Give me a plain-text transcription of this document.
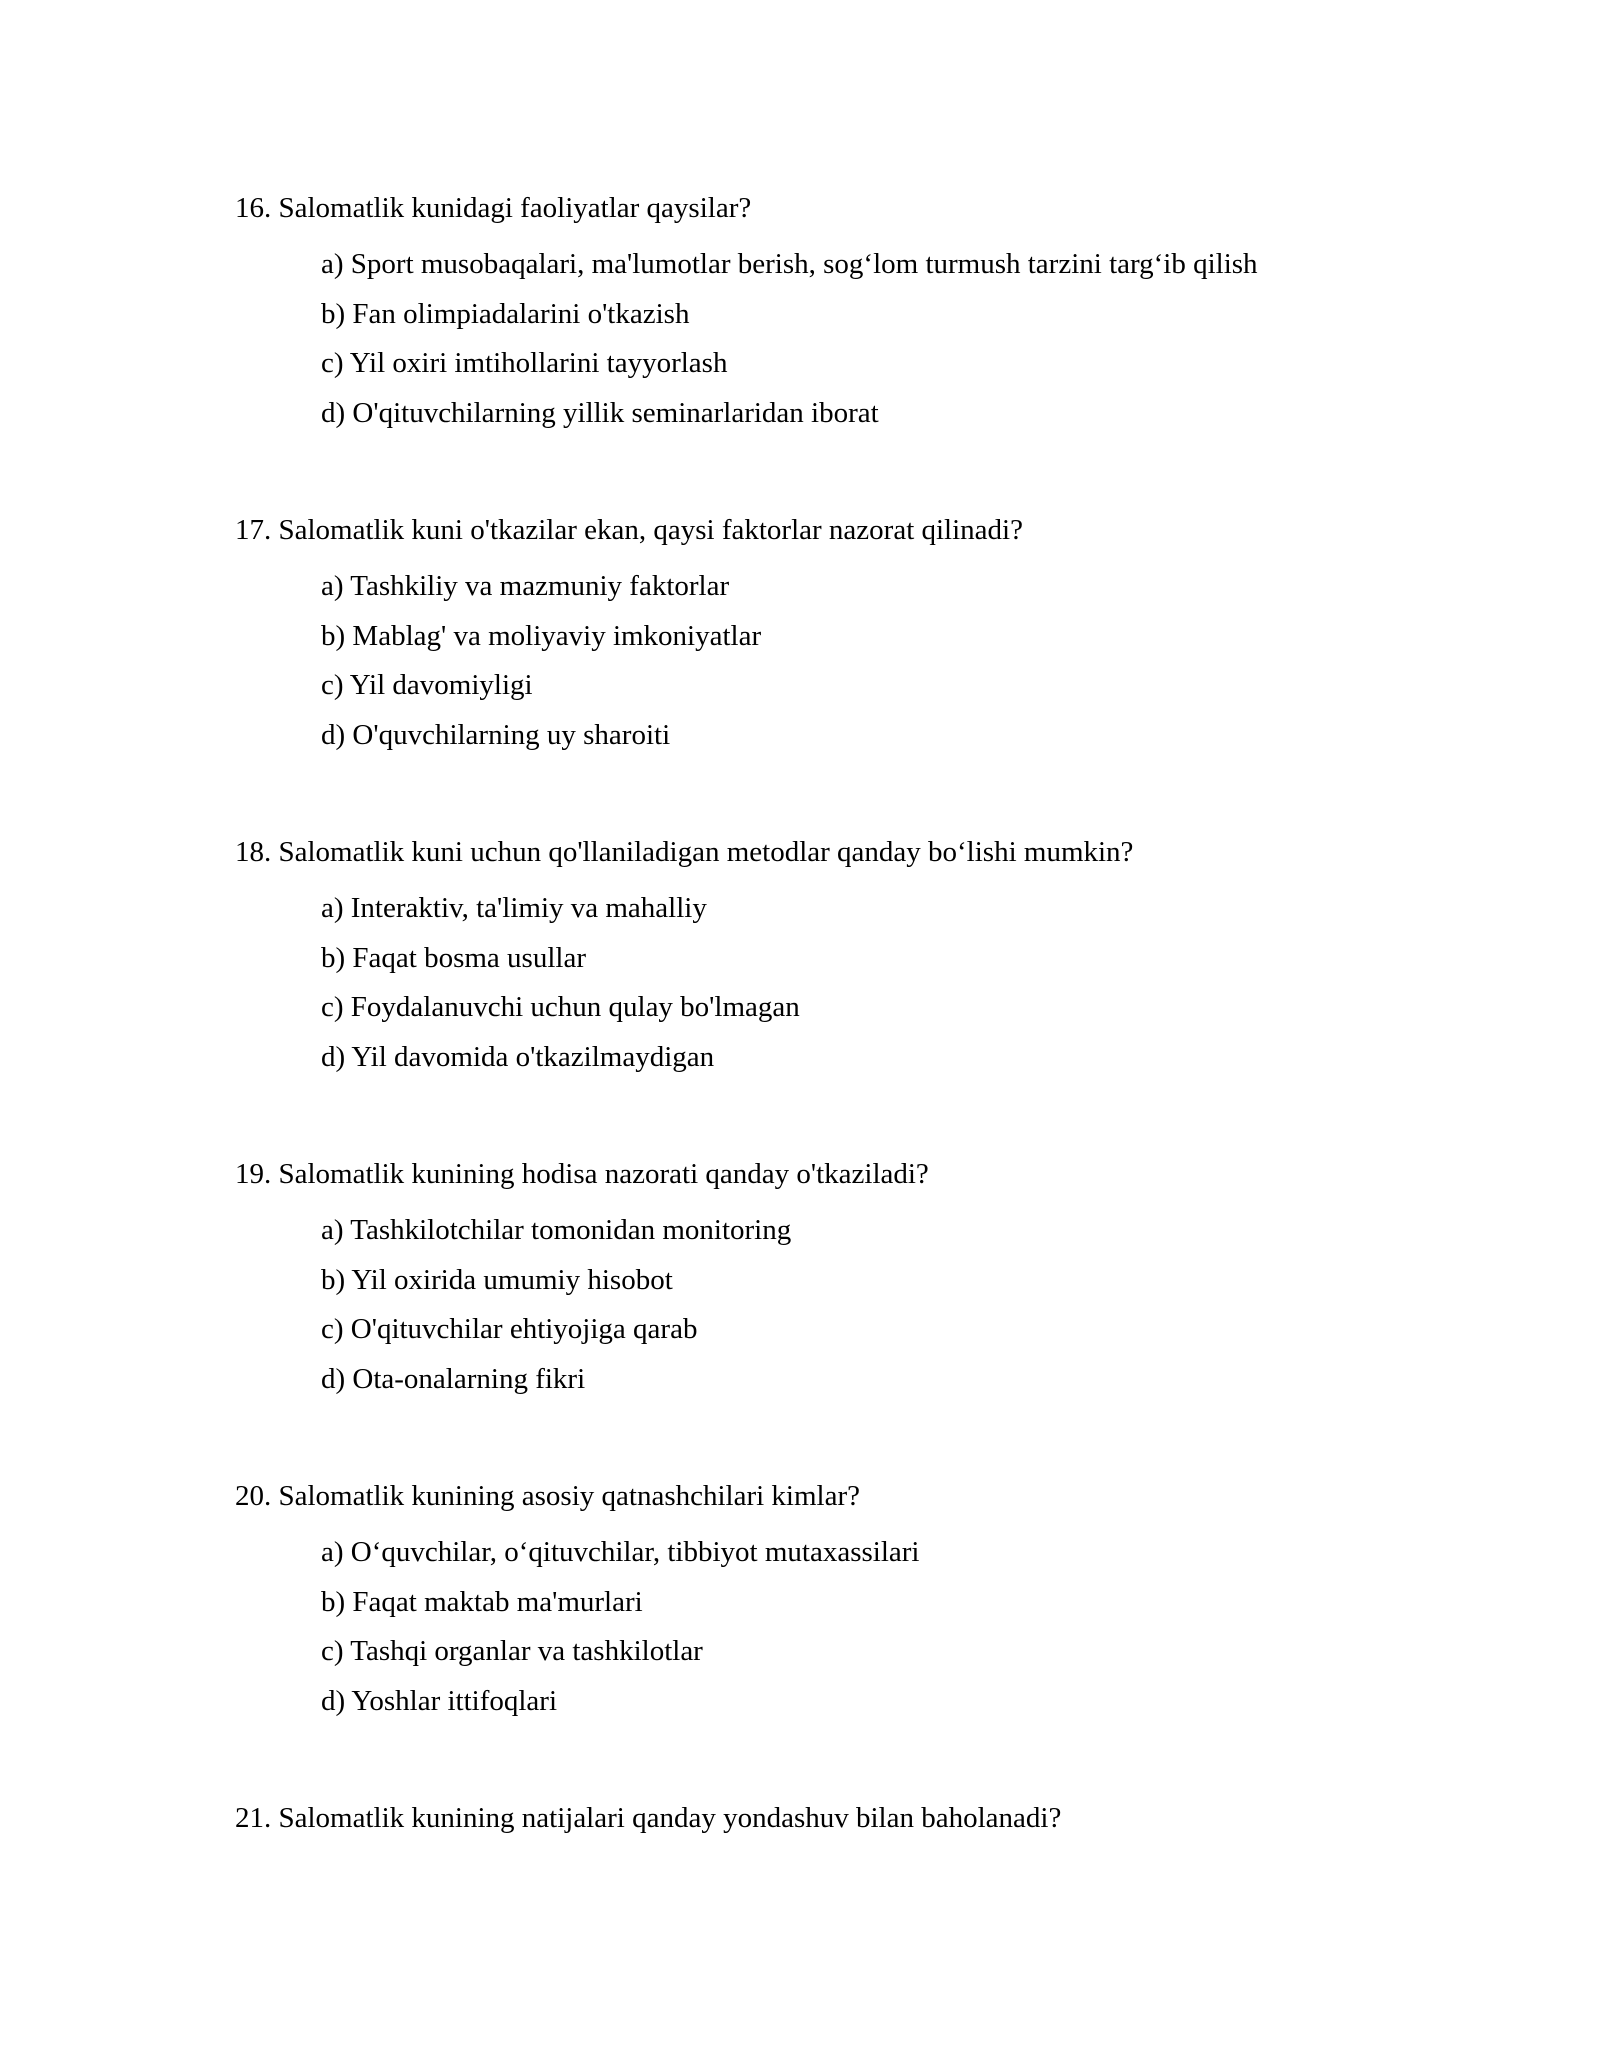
16. Salomatlik kunidagi faoliyatlar qaysilar?

a) Sport musobaqalari, ma'lumotlar berish, sog‘lom turmush tarzini targ‘ib qilish
b) Fan olimpiadalarini o'tkazish
c) Yil oxiri imtihollarini tayyorlash
d) O'qituvchilarning yillik seminarlaridan iborat

17. Salomatlik kuni o'tkazilar ekan, qaysi faktorlar nazorat qilinadi?

a) Tashkiliy va mazmuniy faktorlar
b) Mablag' va moliyaviy imkoniyatlar
c) Yil davomiyligi
d) O'quvchilarning uy sharoiti

18. Salomatlik kuni uchun qo'llaniladigan metodlar qanday bo‘lishi mumkin?

a) Interaktiv, ta'limiy va mahalliy
b) Faqat bosma usullar
c) Foydalanuvchi uchun qulay bo'lmagan
d) Yil davomida o'tkazilmaydigan

19. Salomatlik kunining hodisa nazorati qanday o'tkaziladi?

a) Tashkilotchilar tomonidan monitoring
b) Yil oxirida umumiy hisobot
c) O'qituvchilar ehtiyojiga qarab
d) Ota-onalarning fikri

20. Salomatlik kunining asosiy qatnashchilari kimlar?

a) O‘quvchilar, o‘qituvchilar, tibbiyot mutaxassilari
b) Faqat maktab ma'murlari
c) Tashqi organlar va tashkilotlar
d) Yoshlar ittifoqlari

21. Salomatlik kunining natijalari qanday yondashuv bilan baholanadi?
